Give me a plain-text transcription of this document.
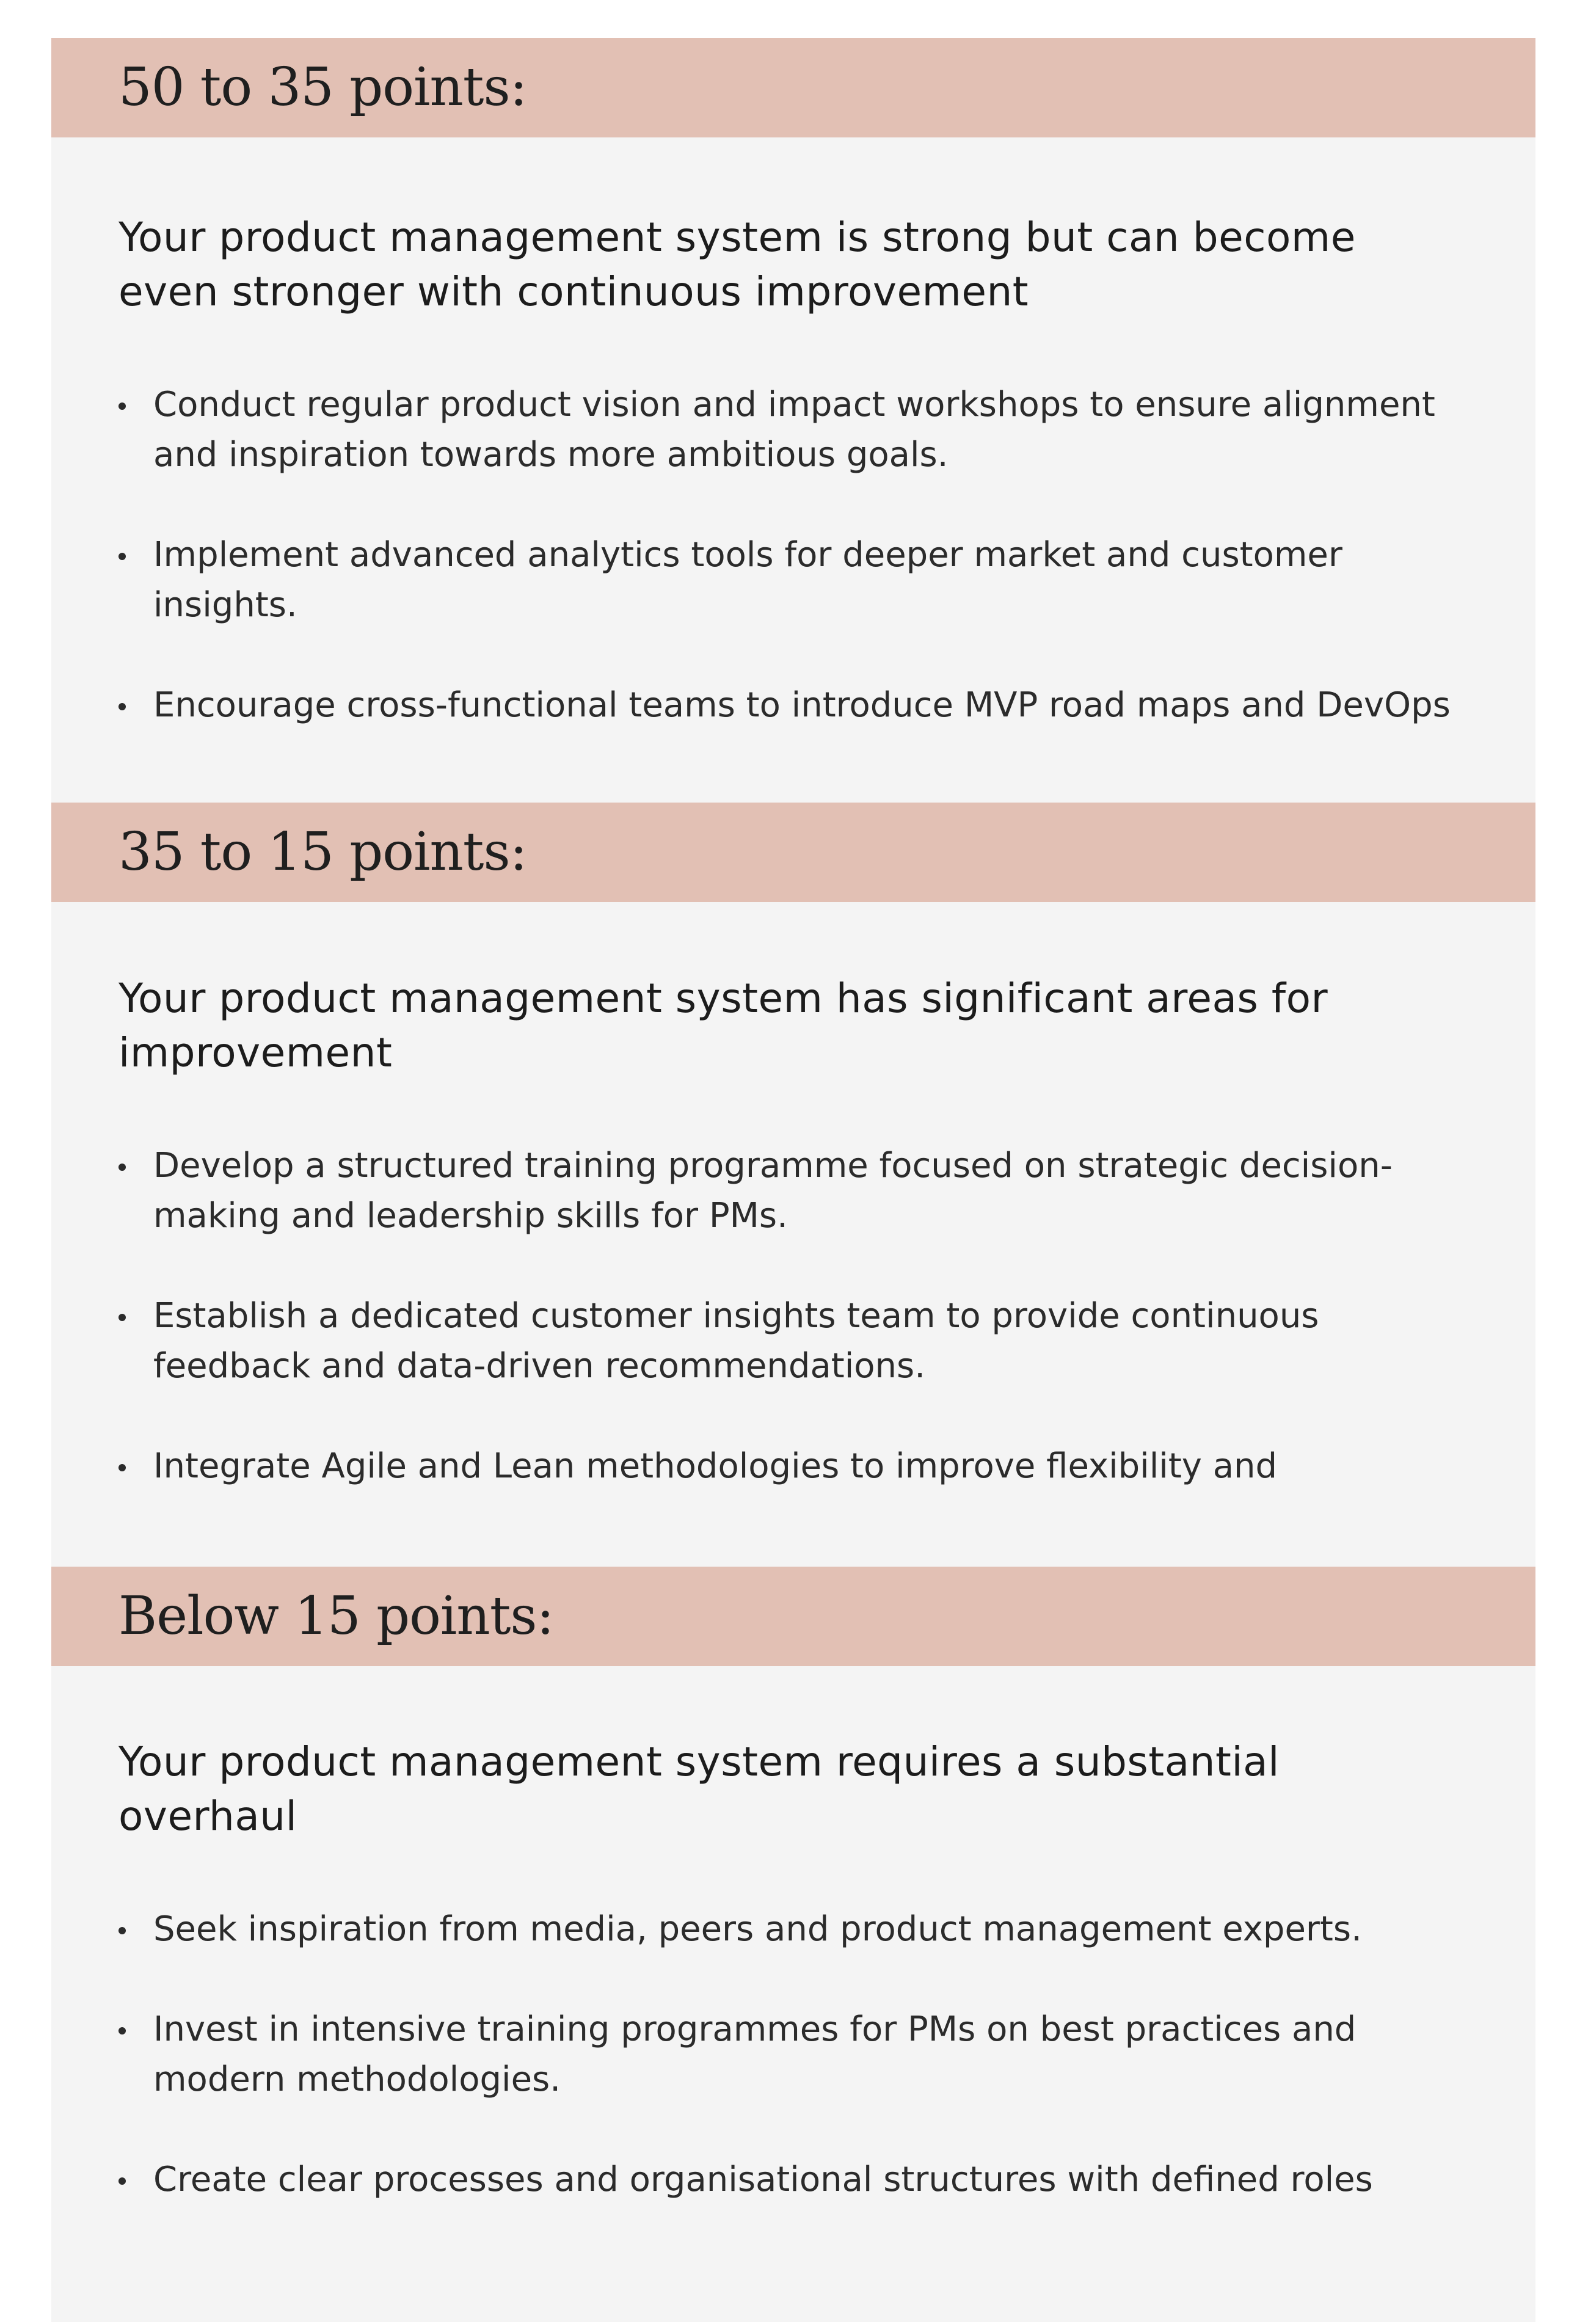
50 to 35 points:
Your product management system is strong but can become
even stronger with continuous improvement
Conduct regular product vision and impact workshops to ensure alignment
and inspiration towards more ambitious goals.
Implement advanced analytics tools for deeper market and customer
insights.
Encourage cross-functional teams to introduce MVP road maps and DevOps
35 to 15 points:
Your product management system has significant areas for
improvement
Develop a structured training programme focused on strategic decision-
making and leadership skills for PMs.
Establish a dedicated customer insights team to provide continuous
feedback and data-driven recommendations.
Integrate Agile and Lean methodologies to improve flexibility and
Below 15 points:
Your product management system requires a substantial
overhaul
Seek inspiration from media, peers and product management experts.
Invest in intensive training programmes for PMs on best practices and
modern methodologies.
Create clear processes and organisational structures with defined roles
